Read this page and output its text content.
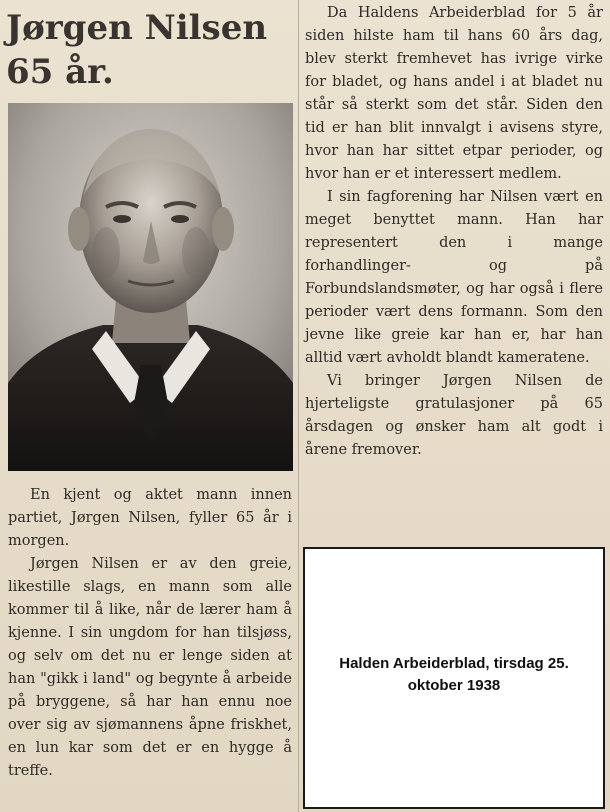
Jørgen Nilsen
65 år.

En kjent og aktet mann innen partiet, Jørgen Nilsen, fyller 65 år i morgen.

Jørgen Nilsen er av den greie, likestille slags, en mann som alle kommer til å like, når de lærer ham å kjenne. I sin ungdom for han tilsjøss, og selv om det nu er lenge siden at han "gikk i land" og begynte å arbeide på bryggene, så har han ennu noe over sig av sjømannens åpne friskhet, en lun kar som det er en hygge å treffe.

Da Haldens Arbeiderblad for 5 år siden hilste ham til hans 60 års dag, blev sterkt fremhevet has ivrige virke for bladet, og hans andel i at bladet nu står så sterkt som det står. Siden den tid er han blit innvalgt i avisens styre, hvor han har sittet etpar perioder, og hvor han er et interessert medlem.

I sin fagforening har Nilsen vært en meget benyttet mann. Han har representert den i mange forhandlinger- og på Forbundslandsmøter, og har også i flere perioder vært dens formann. Som den jevne like greie kar han er, har han alltid vært avholdt blandt kameratene.

Vi bringer Jørgen Nilsen de hjerteligste gratulasjoner på 65 årsdagen og ønsker ham alt godt i årene fremover.

Halden Arbeiderblad, tirsdag 25. oktober 1938
